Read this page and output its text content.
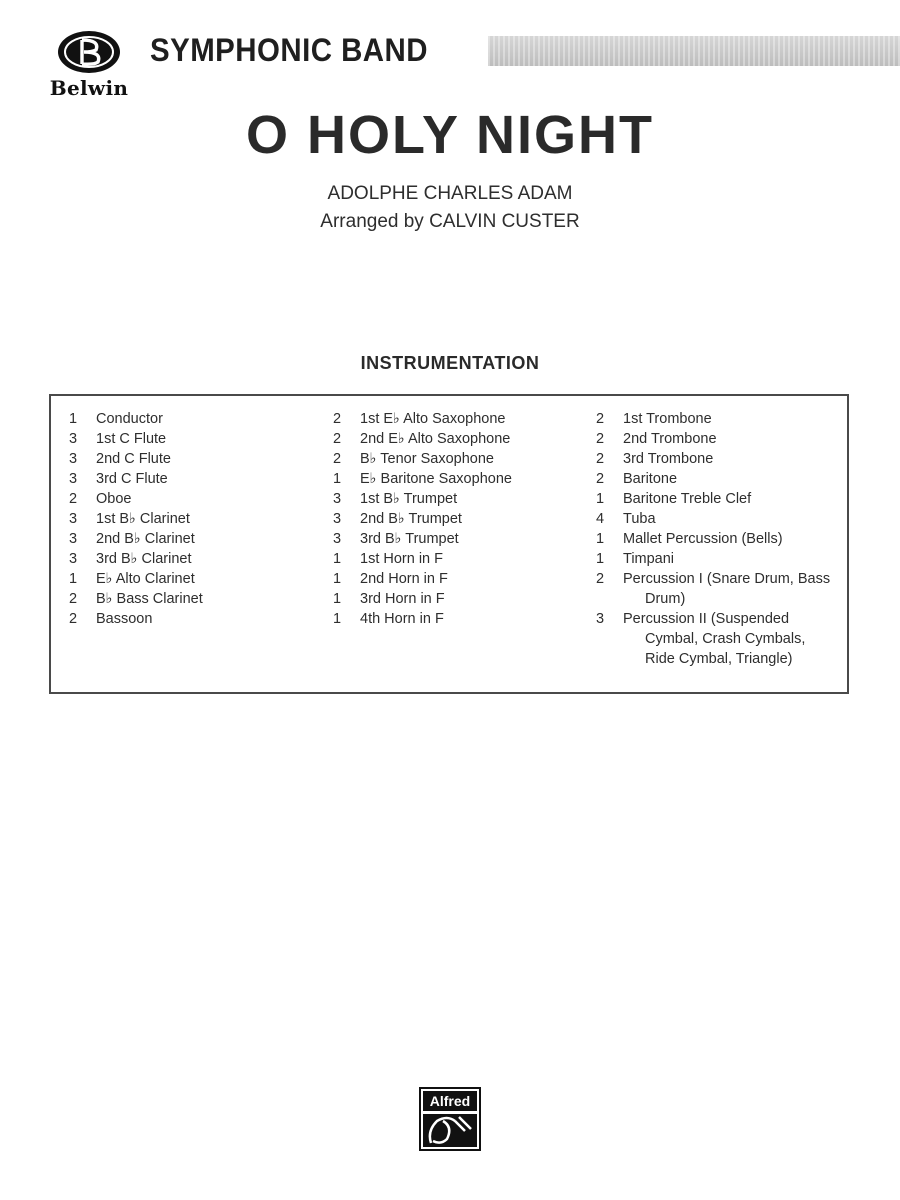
Belwin
SYMPHONIC BAND
O HOLY NIGHT
ADOLPHE CHARLES ADAM
Arranged by CALVIN CUSTER
INSTRUMENTATION
1	Conductor
3	1st C Flute
3	2nd C Flute
3	3rd C Flute
2	Oboe
3	1st B♭ Clarinet
3	2nd B♭ Clarinet
3	3rd B♭ Clarinet
1	E♭ Alto Clarinet
2	B♭ Bass Clarinet
2	Bassoon
2	1st E♭ Alto Saxophone
2	2nd E♭ Alto Saxophone
2	B♭ Tenor Saxophone
1	E♭ Baritone Saxophone
3	1st B♭ Trumpet
3	2nd B♭ Trumpet
3	3rd B♭ Trumpet
1	1st Horn in F
1	2nd Horn in F
1	3rd Horn in F
1	4th Horn in F
2	1st Trombone
2	2nd Trombone
2	3rd Trombone
2	Baritone
1	Baritone Treble Clef
4	Tuba
1	Mallet Percussion (Bells)
1	Timpani
2	Percussion I (Snare Drum, Bass
Drum)
3	Percussion II (Suspended
Cymbal, Crash Cymbals,
Ride Cymbal, Triangle)
Alfred
